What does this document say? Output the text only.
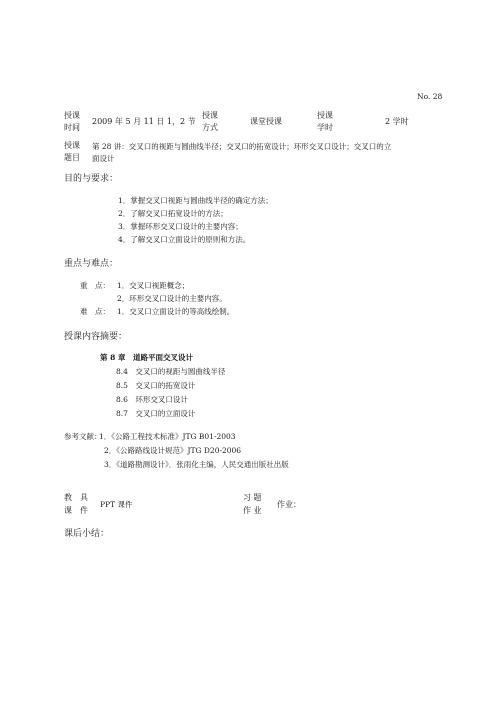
No. 28
授课
时间
2009 年 5 月 11 日 1，2 节
授课
方式
课堂授课
授课
学时
2 学时
授课
题目
第 28 讲：交叉口的视距与圆曲线半径；交叉口的拓宽设计；环形交叉口设计；交叉口的立
面设计
目的与要求：
1．掌握交叉口视距与圆曲线半径的确定方法；
2．了解交叉口拓宽设计的方法；
3．掌握环形交叉口设计的主要内容；
4．了解交叉口立面设计的原则和方法。
重点与难点：
重　点： 1．交叉口视距概念；
2．环形交叉口设计的主要内容。
难　点： 1．交叉口立面设计的等高线绘制。
授课内容摘要：
第 8 章　道路平面交叉设计
8.4　交叉口的视距与圆曲线半径
8.5　交叉口的拓宽设计
8.6　环形交叉口设计
8.7　交叉口的立面设计
参考文献：
1．《公路工程技术标准》JTG B01-2003
2．《公路路线设计规范》JTG D20-2006
3．《道路勘测设计》．张雨化主编，人民交通出版社出版
教　具
课　件
PPT 课件
习 题
作 业
作业：
课后小结：
